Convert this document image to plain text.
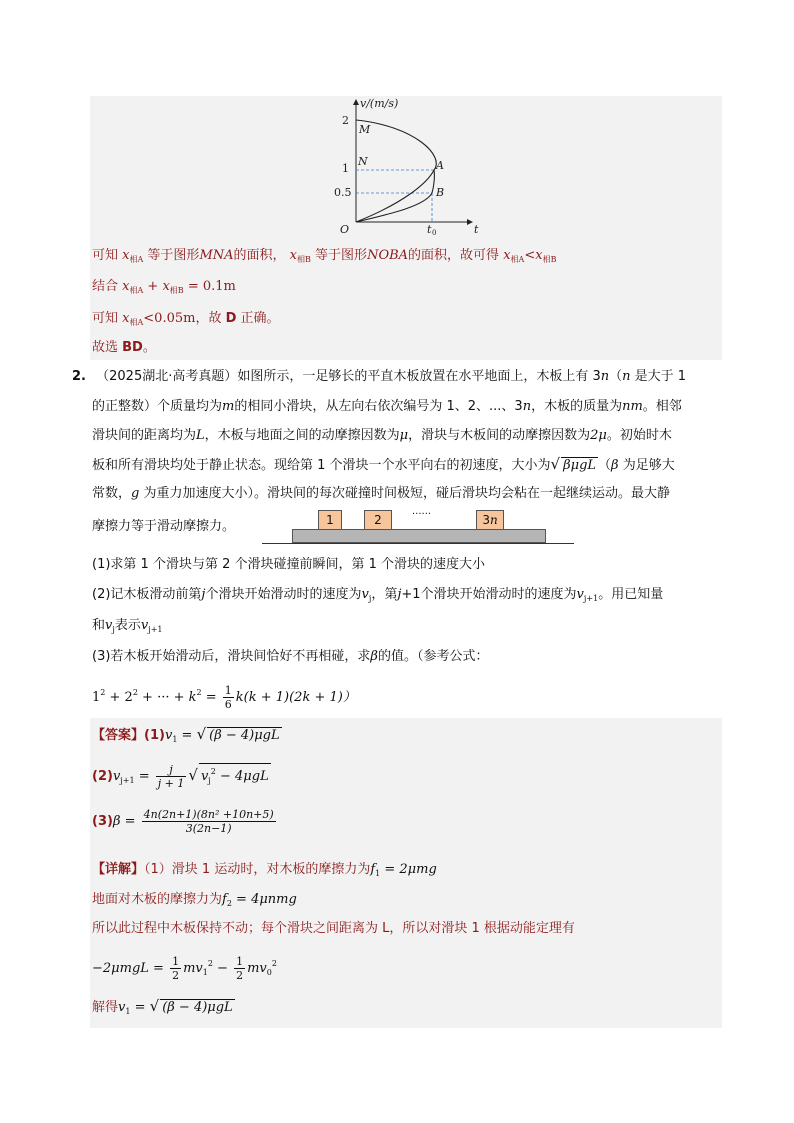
v/(m/s)
2
1
0.5
O	t 0	t
M
N	A
B
可知 $x_{相A}$ 等于图形MNA的面积， $x_{相B}$ 等于图形NOBA的面积，故可得 $x_{相A}<x_{相B}$
结合 $x_{相A} + x_{相B} = 0.1m$
可知 $x_{相A}<0.05m$，故 D 正确。
故选 BD。
2. （2025湖北·高考真题）如图所示，一足够长的平直木板放置在水平地面上，木板上有 3n（n 是大于 1
的正整数）个质量均为m的相同小滑块，从左向右依次编号为 1、2、...、3n，木板的质量为nm。相邻
滑块间的距离均为L，木板与地面之间的动摩擦因数为μ，滑块与木板间的动摩擦因数为2μ。初始时木
板和所有滑块均处于静止状态。现给第 1 个滑块一个水平向右的初速度，大小为√ βμgL （β 为足够大
常数，g 为重力加速度大小）。滑块间的每次碰撞时间极短，碰后滑块均会粘在一起继续运动。最大静
摩擦力等于滑动摩擦力。	1	2
......
3n
(1)求第 1 个滑块与第 2 个滑块碰撞前瞬间，第 1 个滑块的速度大小
(2)记木板滑动前第j个滑块开始滑动时的速度为$v_j$，第j+1个滑块开始滑动时的速度为$v_{j+1}$。用已知量
和$v_j$表示$v_{j+1}$
(3)若木板开始滑动后，滑块间恰好不再相碰，求β的值。（参考公式：
$1^2 + 2^2$ + ··· + $k^2 = \frac{1}{6} k(k + 1)(2k + 1)$）
【答案】$(1)v_1$ = √ (β − 4)μgL
$(2)v_{j+1} = \frac{j}{j + 1}$ √ $v_j^2 - 4\mu gL$
$(3)\beta = \frac{\text{4n(2n+1)(8n² +10n+5)}}{3(2n-1)}$
【详解】（1）滑块 1 运动时，对木板的摩擦力为$f_1 = 2\mu mg$
地面对木板的摩擦力为$f_2 = 4\mu nmg$
所以此过程中木板保持不动；每个滑块之间距离为 L，所以对滑块 1 根据动能定理有
$-2\mu mgL = \frac{1}{2} mv_1^2 - \frac{1}{2} mv_0^2$
解得$v_1$ = √ (β − 4)μgL
